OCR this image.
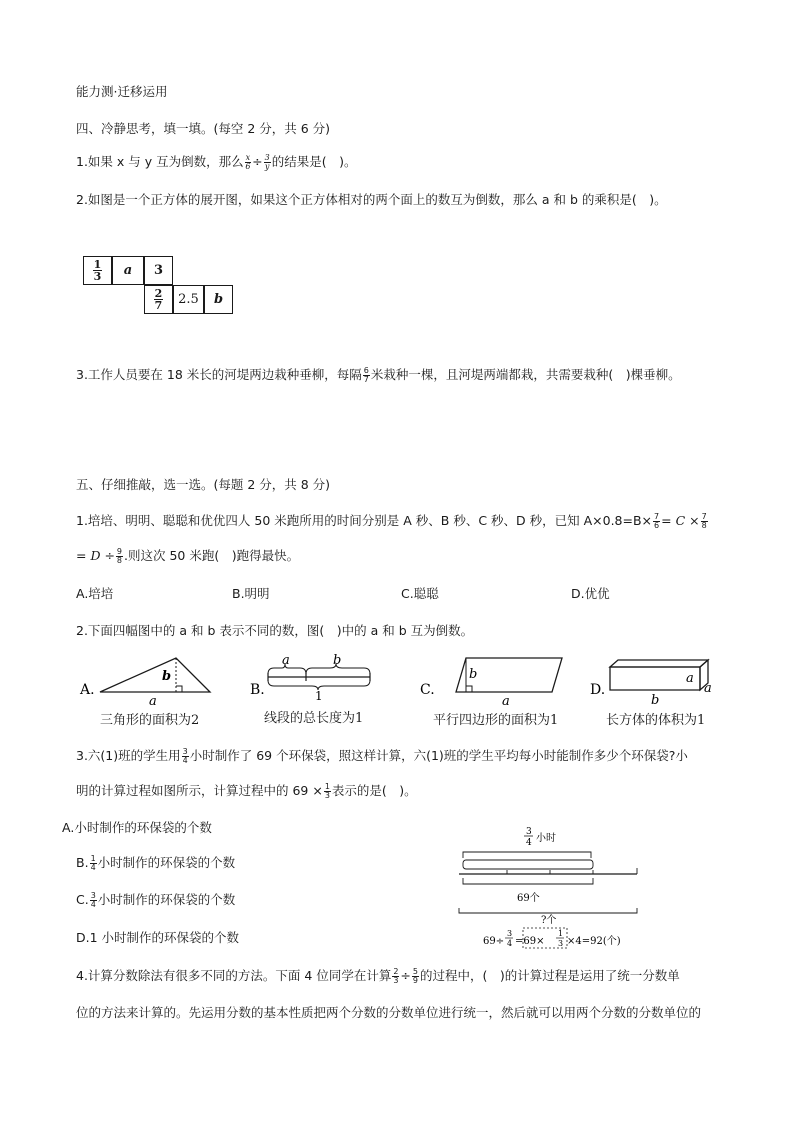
能力测·迁移运用
四、冷静思考，填一填。(每空 2 分，共 6 分)
1.如果 x 与 y 互为倒数，那么 $\frac{x}{6} \div \frac{3}{y}$ 的结果是(　)。
2.如图是一个正方体的展开图，如果这个正方体相对的两个面上的数互为倒数，那么 a 和 b 的乘积是(　)。
$\frac{1}{3}$	a	3
$\frac{2}{7}$	2.5	b
3.工作人员要在 18 米长的河堤两边栽种垂柳，每隔 $\frac{6}{7}$ 米栽种一棵，且河堤两端都栽，共需要栽种(　)棵垂柳。
五、仔细推敲，选一选。(每题 2 分，共 8 分)
1.培培、明明、聪聪和优优四人 50 米跑所用的时间分别是 A 秒、B 秒、C 秒、D 秒，已知 $A\times 0.8=B\times \frac{7}{6} = C \times \frac{7}{8}$
= $D \div \frac{9}{8}$ .则这次 50 米跑(　)跑得最快。
A.培培	B.明明	C.聪聪	D.优优
2.下面四幅图中的 a 和 b 表示不同的数，图(　)中的 a 和 b 互为倒数。
A.
b
a
B.
a	b
1	C.
b
a
D.
a
a
b
三角形的面积为2	线段的总长度为1	平行四边形的面积为1	长方体的体积为1
3.六(1)班的学生用 $\frac{3}{4}$ 小时制作了 69 个环保袋，照这样计算，六(1)班的学生平均每小时能制作多少个环保袋?小
明的计算过程如图所示，计算过程中的 $69 \times \frac{1}{3}$ 表示的是(　)。
A.小时制作的环保袋的个数
B. $\frac{1}{4}$ 小时制作的环保袋的个数
C. $\frac{3}{4}$ 小时制作的环保袋的个数
D.1 小时制作的环保袋的个数
3
4 小时
69个
?个
69÷
3
4 =69×
1
3 ×4=92(个)
4.计算分数除法有很多不同的方法。下面 4 位同学在计算 $\frac{2}{3} \div \frac{5}{9}$ 的过程中，(　)的计算过程是运用了统一分数单
位的方法来计算的。先运用分数的基本性质把两个分数的分数单位进行统一，然后就可以用两个分数的分数单位的
